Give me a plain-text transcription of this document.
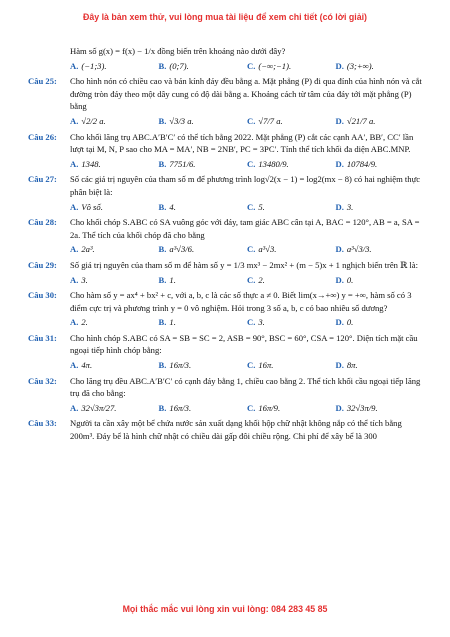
Đây là bản xem thử, vui lòng mua tài liệu để xem chi tiết (có lời giải)
Hàm số g(x) = f(x) − 1/x đồng biến trên khoảng nào dưới đây?
A. (−1;3).	B. (0;7).	C. (−∞;−1).	D. (3;+∞).
Câu 25: Cho hình nón có chiều cao và bán kính đáy đều bằng a. Mặt phẳng (P) đi qua đỉnh của hình nón và cắt đường tròn đáy theo một dây cung có độ dài bằng a. Khoảng cách từ tâm của đáy tới mặt phẳng (P) bằng
A. √2/2 a.	B. √3/3 a.	C. √7/7 a.	D. √21/7 a.
Câu 26: Cho khối lăng trụ ABC.A′B′C′ có thể tích bằng 2022. Mặt phẳng (P) cắt các cạnh AA′, BB′, CC′ lần lượt tại M, N, P sao cho MA = MA′, NB = 2NB′, PC = 3PC′. Tính thể tích khối đa diện ABC.MNP.
A. 1348.	B. 7751/6.	C. 13480/9.	D. 10784/9.
Câu 27: Số các giá trị nguyên của tham số m để phương trình log√2(x − 1) = log2(mx − 8) có hai nghiệm thực phân biệt là:
A. Vô số.	B. 4.	C. 5.	D. 3.
Câu 28: Cho khối chóp S.ABC có SA vuông góc với đáy, tam giác ABC cân tại A, BAC = 120°, AB = a, SA = 2a. Thể tích của khối chóp đã cho bằng
A. 2a³.	B. a³√3/6.	C. a³√3.	D. a³√3/3.
Câu 29: Số giá trị nguyên của tham số m để hàm số y = 1/3 mx³ − 2mx² + (m − 5)x + 1 nghịch biến trên ℝ là:
A. 3.	B. 1.	C. 2.	D. 0.
Câu 30: Cho hàm số y = ax⁴ + bx² + c, với a, b, c là các số thực a ≠ 0. Biết lim(x→+∞) y = +∞, hàm số có 3 điểm cực trị và phương trình y = 0 vô nghiệm. Hỏi trong 3 số a, b, c có bao nhiêu số dương?
A. 2.	B. 1.	C. 3.	D. 0.
Câu 31: Cho hình chóp S.ABC có SA = SB = SC = 2, ASB = 90°, BSC = 60°, CSA = 120°. Diện tích mặt cầu ngoại tiếp hình chóp bằng:
A. 4π.	B. 16π/3.	C. 16π.	D. 8π.
Câu 32: Cho lăng trụ đều ABC.A′B′C′ có cạnh đáy bằng 1, chiều cao bằng 2. Thể tích khối cầu ngoại tiếp lăng trụ đã cho bằng:
A. 32√3π/27.	B. 16π/3.	C. 16π/9.	D. 32√3π/9.
Câu 33: Người ta cần xây một bể chứa nước sản xuất dạng khối hộp chữ nhật không nắp có thể tích bằng 200m³. Đáy bể là hình chữ nhật có chiều dài gấp đôi chiều rộng. Chi phí để xây bể là 300
Mọi thắc mắc vui lòng xin vui lòng: 084 283 45 85
